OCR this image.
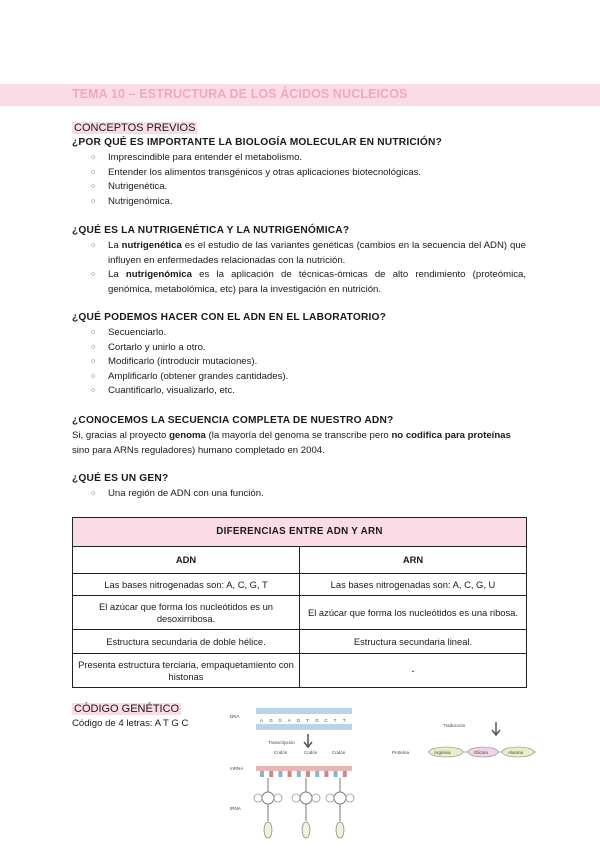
TEMA 10 – ESTRUCTURA DE LOS ÁCIDOS NUCLEICOS
CONCEPTOS PREVIOS
¿POR QUÉ ES IMPORTANTE LA BIOLOGÍA MOLECULAR EN NUTRICIÓN?
○ Imprescindible para entender el metabolismo.
○ Entender los alimentos transgénicos y otras aplicaciones biotecnológicas.
○ Nutrigenética.
○ Nutrigenómica.
¿QUÉ ES LA NUTRIGENÉTICA Y LA NUTRIGENÓMICA?
○ La nutrigenética es el estudio de las variantes genéticas (cambios en la secuencia del ADN) que influyen en enfermedades relacionadas con la nutrición.
○ La nutrigenómica es la aplicación de técnicas-ómicas de alto rendimiento (proteómica, genómica, metabolómica, etc) para la investigación en nutrición.
¿QUÉ PODEMOS HACER CON EL ADN EN EL LABORATORIO?
○ Secuenciarlo.
○ Cortarlo y unirlo a otro.
○ Modificarlo (introducir mutaciones).
○ Amplificarlo (obtener grandes cantidades).
○ Cuantificarlo, visualizarlo, etc.
¿CONOCEMOS LA SECUENCIA COMPLETA DE NUESTRO ADN?
Si, gracias al proyecto genoma (la mayoría del genoma se transcribe pero no codifica para proteínas sino para ARNs reguladores) humano completado en 2004.
¿QUÉ ES UN GEN?
○ Una región de ADN con una función.
DIFERENCIAS ENTRE ADN Y ARN	
ADN	ARN
Las bases nitrogenadas son: A, C, G, T	Las bases nitrogenadas son: A, C, G, U
El azúcar que forma los nucleótidos es un desoxirribosa.	El azúcar que forma los nucleótidos es una ribosa.
Estructura secundaria de doble hélice.	Estructura secundaria lineal.
Presenta estructura terciaria, empaquetamiento con histonas	-
CÓDIGO GENÉTICO
Código de 4 letras: A T G C
DNA
A G G A G T G C T T
Transcripción
Codón	Codón	Codón
mRNA
tRNA
Traducción
Proteína	Arginina	Glicina	Alanina
